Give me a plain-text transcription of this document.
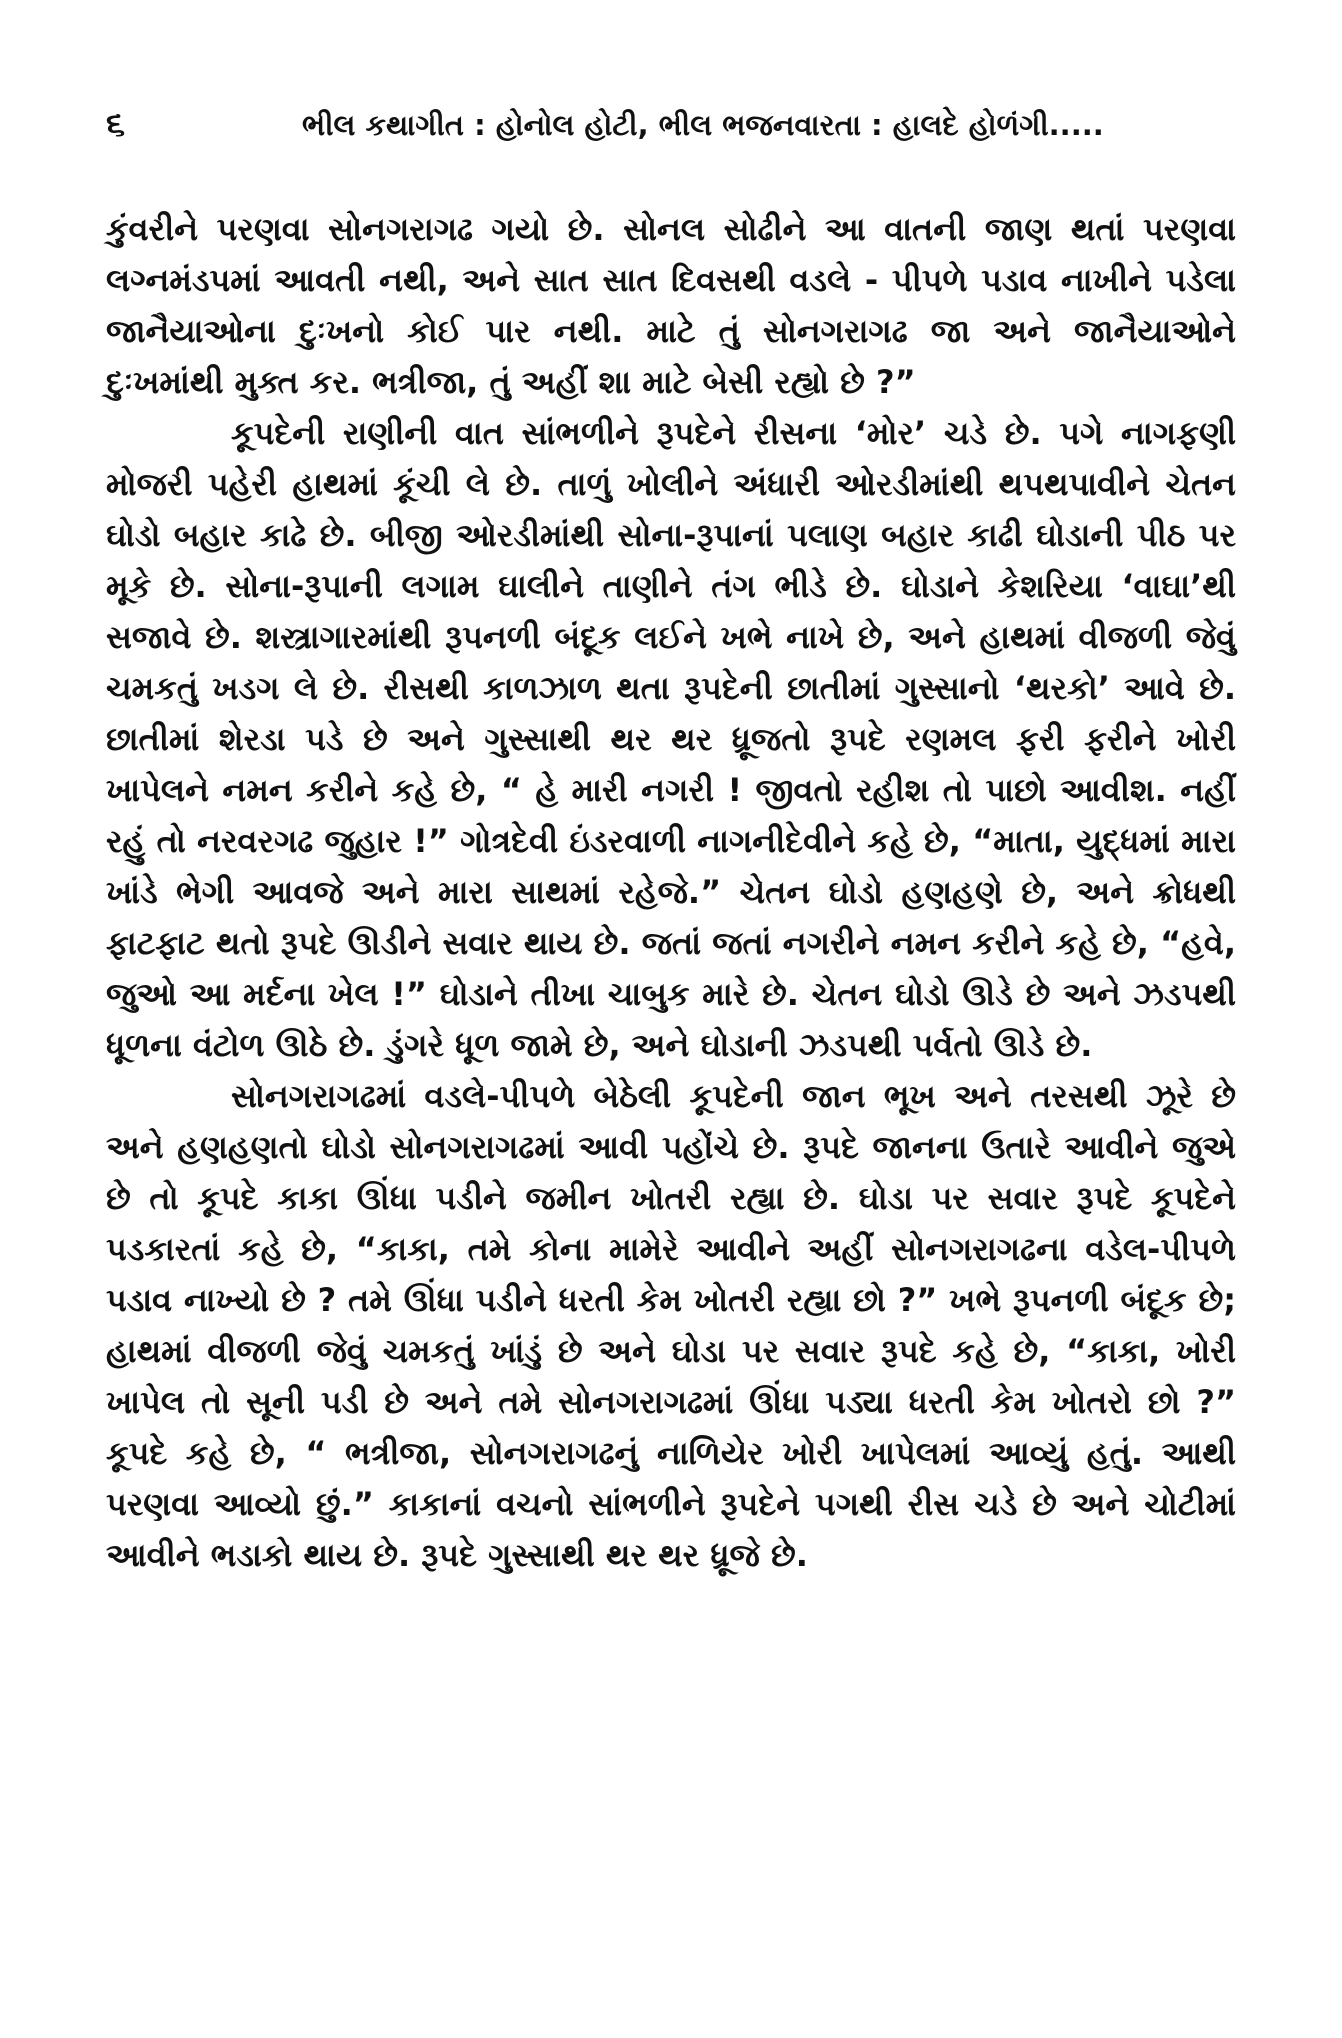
૬	ભીલ કથાગીત : હોનોલ હોટી, ભીલ ભજનવારતા : હાલદે હોળંગી.....

કુંવરીને પરણવા સોનગરાગઢ ગયો છે. સોનલ સોઢીને આ વાતની જાણ થતાં પરણવા લગ્નમંડપમાં આવતી નથી, અને સાત સાત દિવસથી વડલે - પીપળે પડાવ નાખીને પડેલા જાનૈયાઓના દુઃખનો કોઈ પાર નથી. માટે તું સોનગરાગઢ જા અને જાનૈયાઓને દુઃખમાંથી મુક્ત કર. ભત્રીજા, તું અહીં શા માટે બેસી રહ્યો છે ?”

કૂપદેની રાણીની વાત સાંભળીને રૂપદેને રીસના ‘મોર’ ચડે છે. પગે નાગફણી મોજરી પહેરી હાથમાં કૂંચી લે છે. તાળું ખોલીને અંધારી ઓરડીમાંથી થપથપાવીને ચેતન ઘોડો બહાર કાઢે છે. બીજી ઓરડીમાંથી સોના-રૂપાનાં પલાણ બહાર કાઢી ઘોડાની પીઠ પર મૂકે છે. સોના-રૂપાની લગામ ઘાલીને તાણીને તંગ ભીડે છે. ઘોડાને કેશરિયા ‘વાઘા’થી સજાવે છે. શસ્ત્રાગારમાંથી રૂપનળી બંદૂક લઈને ખભે નાખે છે, અને હાથમાં વીજળી જેવું ચમકતું ખડગ લે છે. રીસથી કાળઝાળ થતા રૂપદેની છાતીમાં ગુસ્સાનો ‘થરકો’ આવે છે. છાતીમાં શેરડા પડે છે અને ગુસ્સાથી થર થર ધ્રૂજતો રૂપદે રણમલ ફરી ફરીને ખોરી ખાપેલને નમન કરીને કહે છે, “ હે મારી નગરી ! જીવતો રહીશ તો પાછો આવીશ. નહીં રહું તો નરવરગઢ જુહાર !” ગોત્રદેવી ઇંડરવાળી નાગનીદેવીને કહે છે, “માતા, યુદ્ધમાં મારા ખાંડે ભેગી આવજે અને મારા સાથમાં રહેજે.” ચેતન ઘોડો હણહણે છે, અને ક્રોધથી ફાટફાટ થતો રૂપદે ઊડીને સવાર થાય છે. જતાં જતાં નગરીને નમન કરીને કહે છે, “હવે, જુઓ આ મર્દના ખેલ !” ઘોડાને તીખા ચાબુક મારે છે. ચેતન ઘોડો ઊડે છે અને ઝડપથી ધૂળના વંટોળ ઊઠે છે. ડુંગરે ધૂળ જામે છે, અને ઘોડાની ઝડપથી પર્વતો ઊડે છે.

સોનગરાગઢમાં વડલે-પીપળે બેઠેલી કૂપદેની જાન ભૂખ અને તરસથી ઝૂરે છે અને હણહણતો ઘોડો સોનગરાગઢમાં આવી પહોંચે છે. રૂપદે જાનના ઉતારે આવીને જુએ છે તો કૂપદે કાકા ઊંધા પડીને જમીન ખોતરી રહ્યા છે. ઘોડા પર સવાર રૂપદે કૂપદેને પડકારતાં કહે છે, “કાકા, તમે કોના મામેરે આવીને અહીં સોનગરાગઢના વડેલ-પીપળે પડાવ નાખ્યો છે ? તમે ઊંધા પડીને ધરતી કેમ ખોતરી રહ્યા છો ?” ખભે રૂપનળી બંદૂક છે; હાથમાં વીજળી જેવું ચમકતું ખાંડું છે અને ઘોડા પર સવાર રૂપદે કહે છે, “કાકા, ખોરી ખાપેલ તો સૂની પડી છે અને તમે સોનગરાગઢમાં ઊંધા પડ્યા ધરતી કેમ ખોતરો છો ?” કૂપદે કહે છે, “ ભત્રીજા, સોનગરાગઢનું નાળિયેર ખોરી ખાપેલમાં આવ્યું હતું. આથી પરણવા આવ્યો છું.” કાકાનાં વચનો સાંભળીને રૂપદેને પગથી રીસ ચડે છે અને ચોટીમાં આવીને ભડાકો થાય છે. રૂપદે ગુસ્સાથી થર થર ધ્રૂજે છે.
